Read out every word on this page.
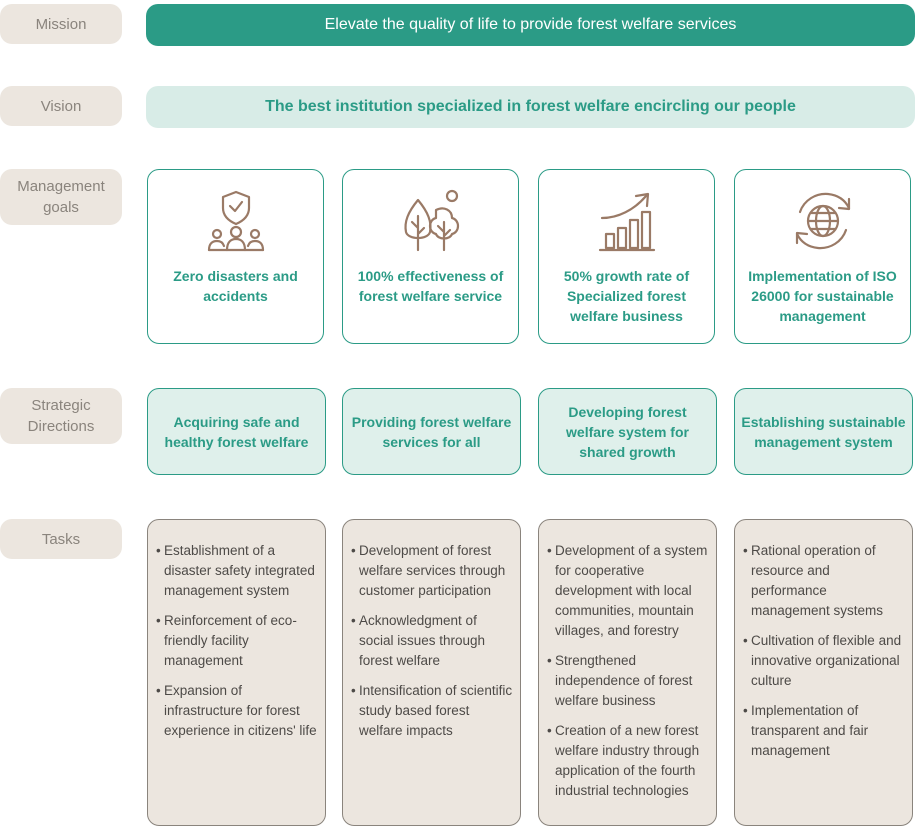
Mission
Vision
Management goals
Strategic Directions
Tasks
Elevate the quality of life to provide forest welfare services
The best institution specialized in forest welfare encircling our people
Zero disasters and accidents
100% effectiveness of forest welfare service
50% growth rate of Specialized forest welfare business
Implementation of ISO 26000 for sustainable management
Acquiring safe and healthy forest welfare
Providing forest welfare services for all
Developing forest welfare system for shared growth
Establishing sustainable management system
• Establishment of a disaster safety integrated management system
• Reinforcement of eco-friendly facility management
• Expansion of infrastructure for forest experience in citizens' life
• Development of forest welfare services through customer participation
• Acknowledgment of social issues through forest welfare
• Intensification of scientific study based forest welfare impacts
• Development of a system for cooperative development with local communities, mountain villages, and forestry
• Strengthened independence of forest welfare business
• Creation of a new forest welfare industry through application of the fourth industrial technologies
• Rational operation of resource and performance management systems
• Cultivation of flexible and innovative organizational culture
• Implementation of transparent and fair management
